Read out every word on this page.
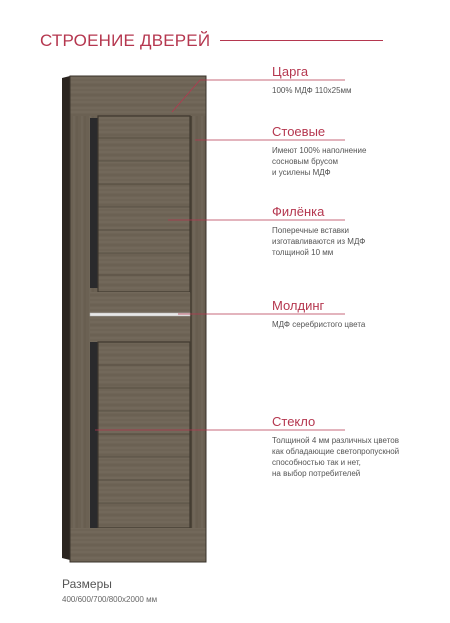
СТРОЕНИЕ ДВЕРЕЙ
Царга
100% МДФ 110х25мм
Стоевые
Имеют 100% наполнение
сосновым брусом
и усилены МДФ
Филёнка
Поперечные вставки
изготавливаются из МДФ
толщиной 10 мм
Молдинг
МДФ серебристого цвета
Стекло
Толщиной 4 мм различных цветов
как обладающие светопропускной
способностью так и нет,
на выбор потребителей
Размеры
400/600/700/800х2000 мм
